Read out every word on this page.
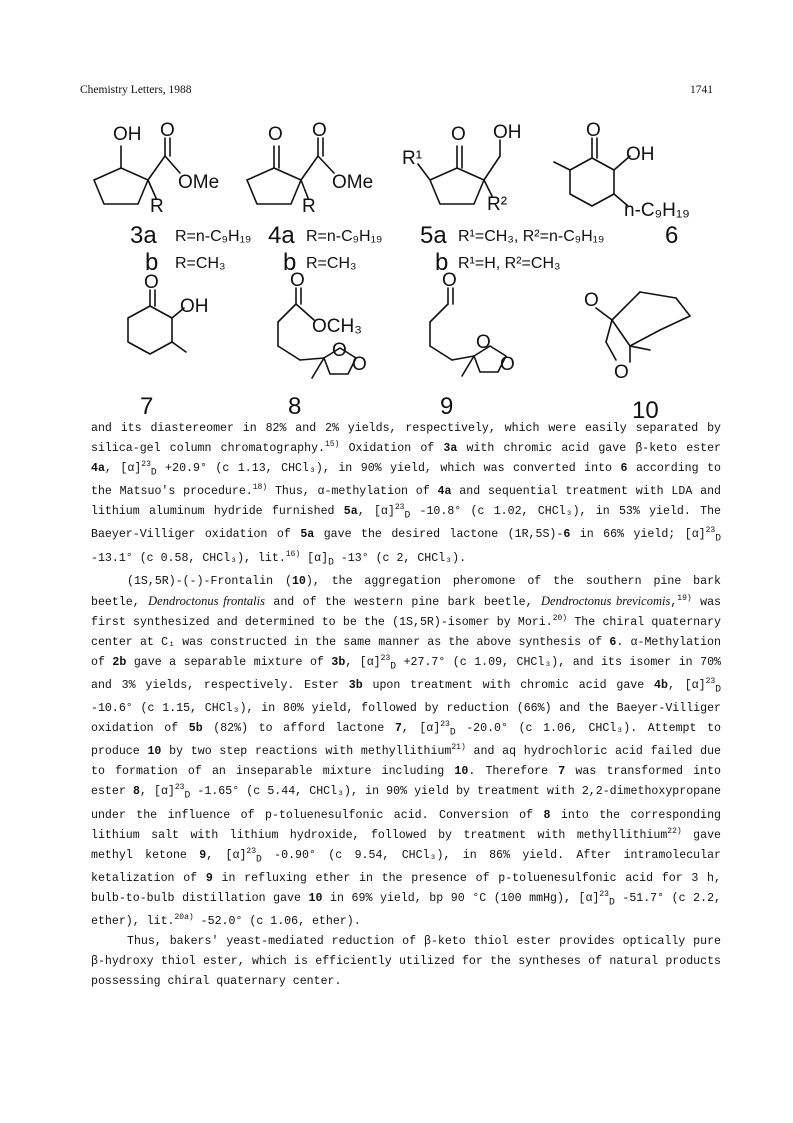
Chemistry Letters, 1988	1741
OH O
OMe
R
3a R=n-C₉H₁₉
b R=CH₃
O O
OMe
R
4a R=n-C₉H₁₉
b R=CH₃
O
R¹
OH
R²
5a R¹=CH₃, R²=n-C₉H₁₉
b R¹=H, R²=CH₃
O
OH
n-C₉H₁₉
6
O
OH
7
O
OCH₃
O
O
8
O
O
O
9
O
O
10

and its diastereomer in 82% and 2% yields, respectively, which were easily separated by silica-gel column chromatography.$^{15)}$ Oxidation of 3a with chromic acid gave β-keto ester 4a, $[\alpha]^{23}_D +20.9^\circ$ (c 1.13, CHCl₃), in 90% yield, which was converted into 6 according to the Matsuo's procedure.$^{18)}$ Thus, α-methylation of 4a and sequential treatment with LDA and lithium aluminum hydride furnished 5a, $[\alpha]^{23}_D$ -10.8° (c 1.02, CHCl₃), in 53% yield. The Baeyer-Villiger oxidation of 5a gave the desired lactone (1R,5S)-6 in 66% yield; $[\alpha]^{23}_D$ -13.1° (c 0.58, CHCl₃), lit.$^{16)}$ $[\alpha]_D$ -13° (c 2, CHCl₃).

(1S,5R)-(-)-Frontalin (10), the aggregation pheromone of the southern pine bark beetle, Dendroctonus frontalis and of the western pine bark beetle, Dendroctonus brevicomis,$^{19)}$ was first synthesized and determined to be the (1S,5R)-isomer by Mori.$^{20)}$ The chiral quaternary center at C₁ was constructed in the same manner as the above synthesis of 6. α-Methylation of 2b gave a separable mixture of 3b, $[\alpha]^{23}_D +27.7^\circ$ (c 1.09, CHCl₃), and its isomer in 70% and 3% yields, respectively. Ester 3b upon treatment with chromic acid gave 4b, $[\alpha]^{23}_D$ -10.6° (c 1.15, CHCl₃), in 80% yield, followed by reduction (66%) and the Baeyer-Villiger oxidation of 5b (82%) to afford lactone 7, $[\alpha]^{23}_D$ -20.0° (c 1.06, CHCl₃). Attempt to produce 10 by two step reactions with methyllithium$^{21)}$ and aq hydrochloric acid failed due to formation of an inseparable mixture including 10. Therefore 7 was transformed into ester 8, $[\alpha]^{23}_D$ -1.65° (c 5.44, CHCl₃), in 90% yield by treatment with 2,2-dimethoxypropane under the influence of p-toluenesulfonic acid. Conversion of 8 into the corresponding lithium salt with lithium hydroxide, followed by treatment with methyllithium$^{22)}$ gave methyl ketone 9, $[\alpha]^{23}_D$ -0.90° (c 9.54, CHCl₃), in 86% yield. After intramolecular ketalization of 9 in refluxing ether in the presence of p-toluenesulfonic acid for 3 h, bulb-to-bulb distillation gave 10 in 69% yield, bp 90 °C (100 mmHg), $[\alpha]^{23}_D$ -51.7° (c 2.2, ether), lit.$^{20a)}$ -52.0° (c 1.06, ether).

Thus, bakers' yeast-mediated reduction of β-keto thiol ester provides optically pure β-hydroxy thiol ester, which is efficiently utilized for the syntheses of natural products possessing chiral quaternary center.
